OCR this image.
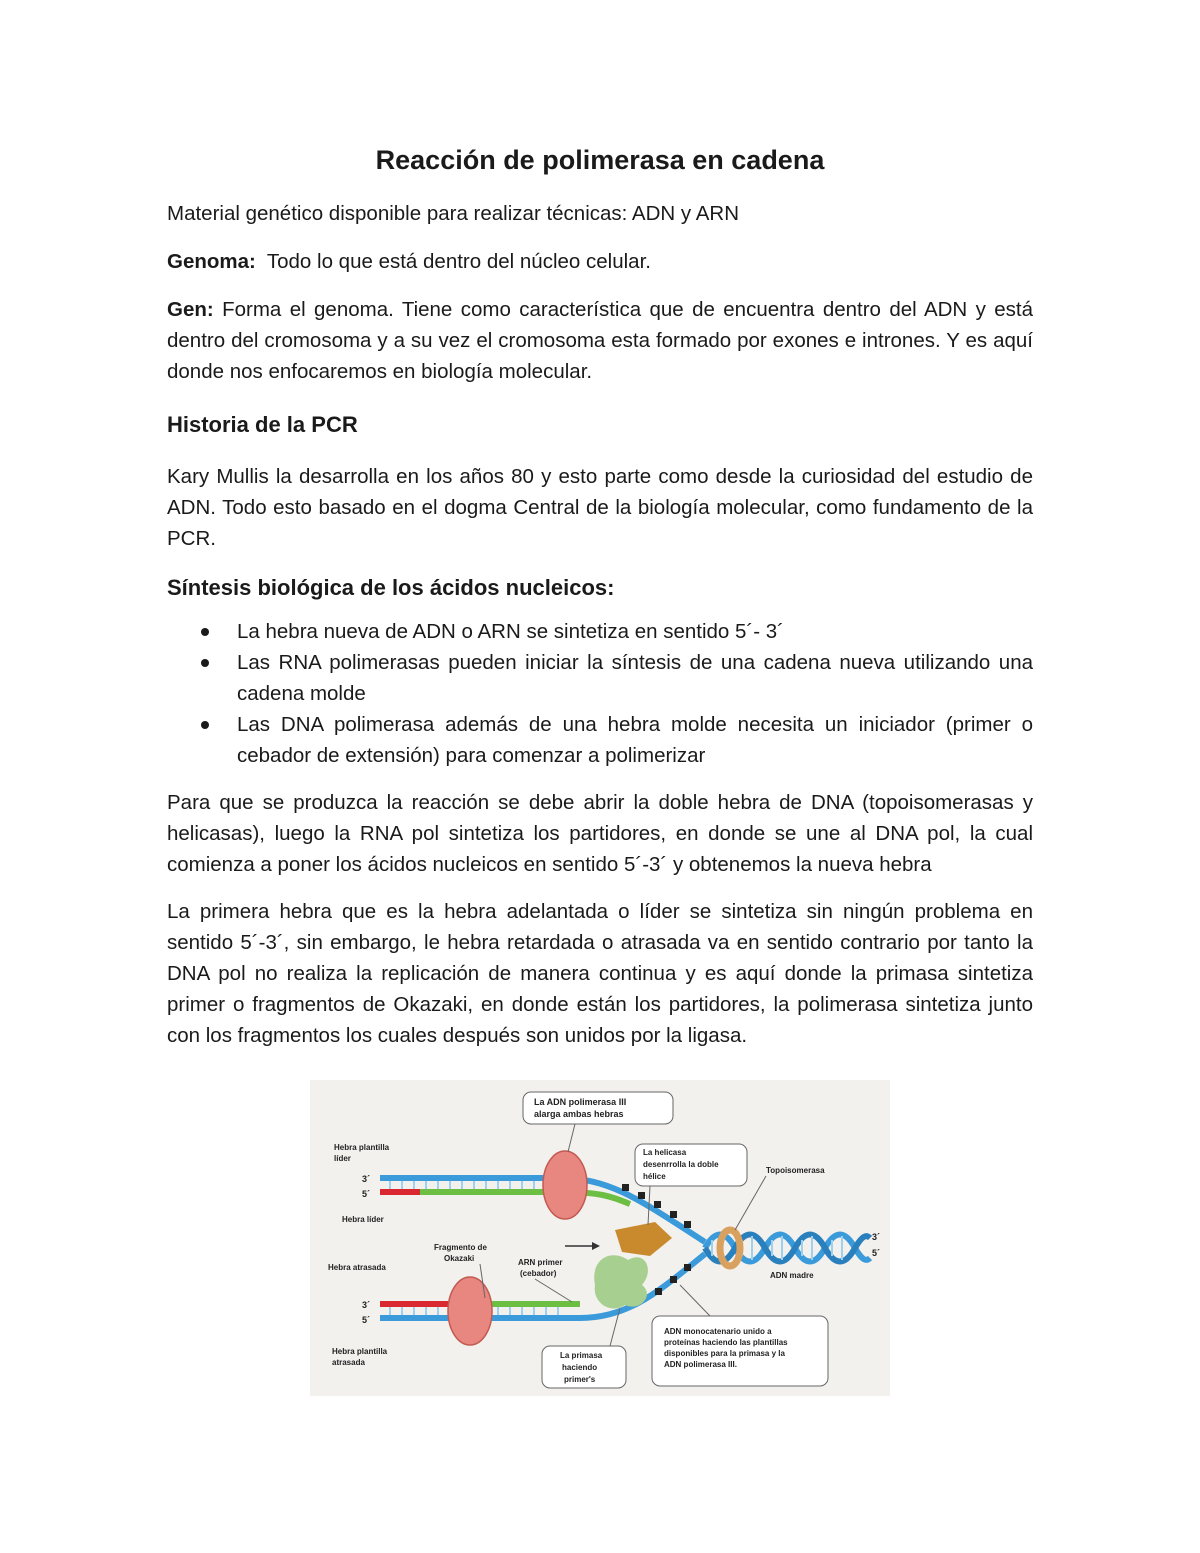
Reacción de polimerasa en cadena

Material genético disponible para realizar técnicas: ADN y ARN

Genoma:  Todo lo que está dentro del núcleo celular.

Gen: Forma el genoma. Tiene como característica que de encuentra dentro del ADN y está dentro del cromosoma y a su vez el cromosoma esta formado por exones e intrones. Y es aquí donde nos enfocaremos en biología molecular.

Historia de la PCR

Kary Mullis la desarrolla en los años 80 y esto parte como desde la curiosidad del estudio de ADN. Todo esto basado en el dogma Central de la biología molecular, como fundamento de la PCR.

Síntesis biológica de los ácidos nucleicos:
La hebra nueva de ADN o ARN se sintetiza en sentido 5´- 3´
Las RNA polimerasas pueden iniciar la síntesis de una cadena nueva utilizando una cadena molde
Las DNA polimerasa además de una hebra molde necesita un iniciador (primer o cebador de extensión) para comenzar a polimerizar

Para que se produzca la reacción se debe abrir la doble hebra de DNA (topoisomerasas y helicasas), luego la RNA pol sintetiza los partidores, en donde se une al DNA pol, la cual comienza a poner los ácidos nucleicos en sentido 5´-3´ y obtenemos la nueva hebra

La primera hebra que es la hebra adelantada o líder se sintetiza sin ningún problema en sentido 5´-3´, sin embargo, le hebra retardada o atrasada va en sentido contrario por tanto la DNA pol no realiza la replicación de manera continua y es aquí donde la primasa sintetiza primer o fragmentos de Okazaki, en donde están los partidores, la polimerasa sintetiza junto con los fragmentos los cuales después son unidos por la ligasa.

La ADN polimerasa III
alarga ambas hebras
La helicasa
desenrrolla la doble
hélice
Topoisomerasa
Hebra plantilla
líder
3´
5´
Hebra líder
Fragmento de
Okazaki	ARN primer
(cebador)
Hebra atrasada
3´
5´
Hebra plantilla
atrasada
3´
5´
ADN madre
La primasa
haciendo
primer's
ADN monocatenario unido a
proteínas haciendo las plantillas
disponibles para la primasa y la
ADN polimerasa III.
